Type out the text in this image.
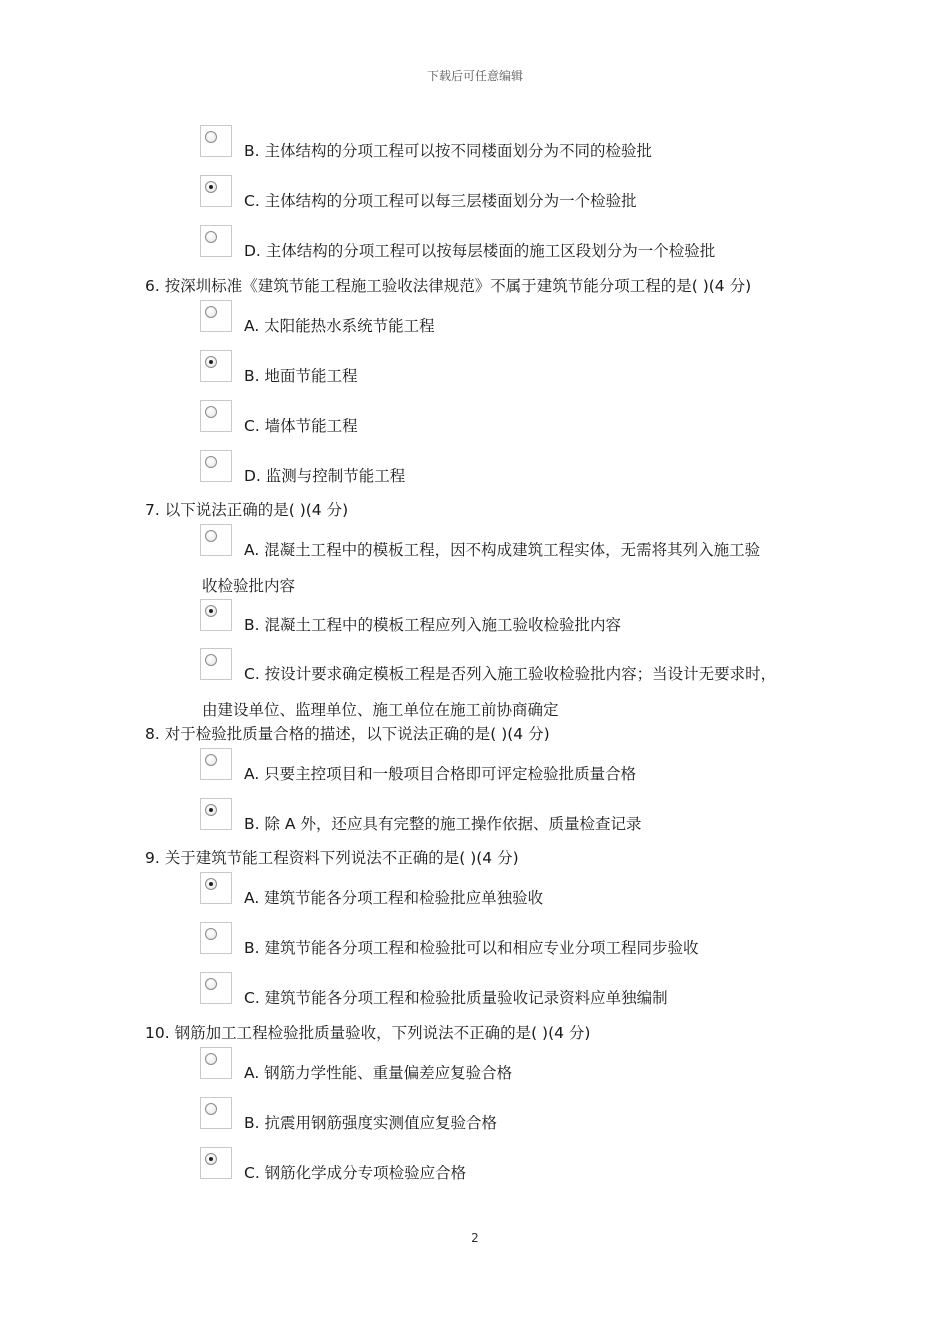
下载后可任意编辑
B. 主体结构的分项工程可以按不同楼面划分为不同的检验批
C. 主体结构的分项工程可以每三层楼面划分为一个检验批
D. 主体结构的分项工程可以按每层楼面的施工区段划分为一个检验批
6. 按深圳标准《建筑节能工程施工验收法律规范》不属于建筑节能分项工程的是( )(4 分)
A. 太阳能热水系统节能工程
B. 地面节能工程
C. 墙体节能工程
D. 监测与控制节能工程
7. 以下说法正确的是( )(4 分)
A. 混凝土工程中的模板工程，因不构成建筑工程实体，无需将其列入施工验
收检验批内容
B. 混凝土工程中的模板工程应列入施工验收检验批内容
C. 按设计要求确定模板工程是否列入施工验收检验批内容；当设计无要求时，
由建设单位、监理单位、施工单位在施工前协商确定
8. 对于检验批质量合格的描述，以下说法正确的是( )(4 分)
A. 只要主控项目和一般项目合格即可评定检验批质量合格
B. 除 A 外，还应具有完整的施工操作依据、质量检查记录
9. 关于建筑节能工程资料下列说法不正确的是( )(4 分)
A. 建筑节能各分项工程和检验批应单独验收
B. 建筑节能各分项工程和检验批可以和相应专业分项工程同步验收
C. 建筑节能各分项工程和检验批质量验收记录资料应单独编制
10. 钢筋加工工程检验批质量验收，下列说法不正确的是( )(4 分)
A. 钢筋力学性能、重量偏差应复验合格
B. 抗震用钢筋强度实测值应复验合格
C. 钢筋化学成分专项检验应合格
2
